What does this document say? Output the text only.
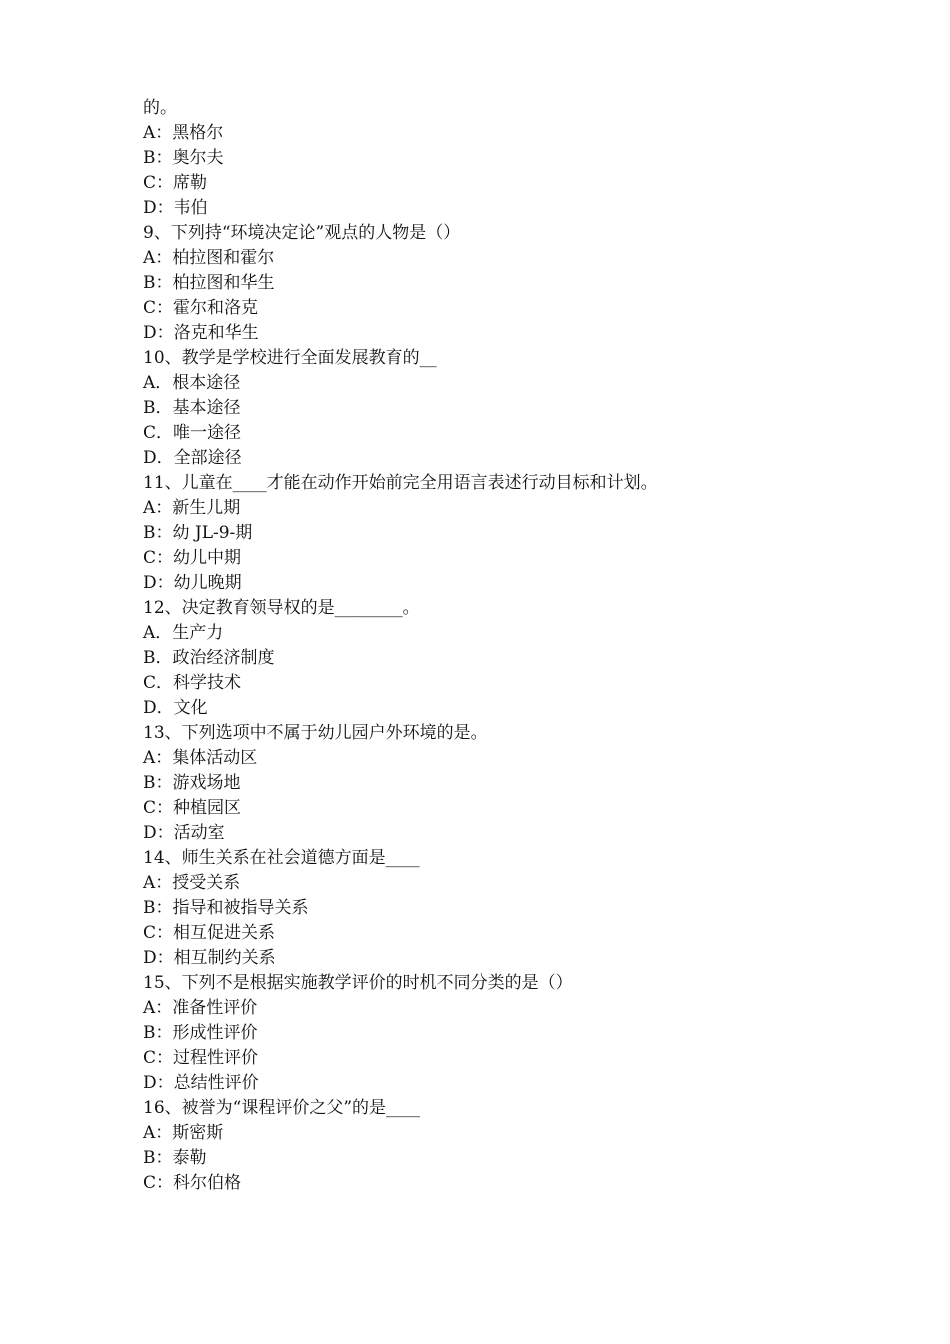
的。
A：黑格尔
B：奥尔夫
C：席勒
D：韦伯
9、下列持“环境决定论”观点的人物是（）
A：柏拉图和霍尔
B：柏拉图和华生
C：霍尔和洛克
D：洛克和华生
10、教学是学校进行全面发展教育的__
A．根本途径
B．基本途径
C．唯一途径
D．全部途径
11、儿童在____才能在动作开始前完全用语言表述行动目标和计划。
A：新生儿期
B：幼 JL-9-期
C：幼儿中期
D：幼儿晚期
12、决定教育领导权的是________。
A．生产力
B．政治经济制度
C．科学技术
D．文化
13、下列选项中不属于幼儿园户外环境的是。
A：集体活动区
B：游戏场地
C：种植园区
D：活动室
14、师生关系在社会道德方面是____
A：授受关系
B：指导和被指导关系
C：相互促进关系
D：相互制约关系
15、下列不是根据实施教学评价的时机不同分类的是（）
A：准备性评价
B：形成性评价
C：过程性评价
D：总结性评价
16、被誉为“课程评价之父”的是____
A：斯密斯
B：泰勒
C：科尔伯格
